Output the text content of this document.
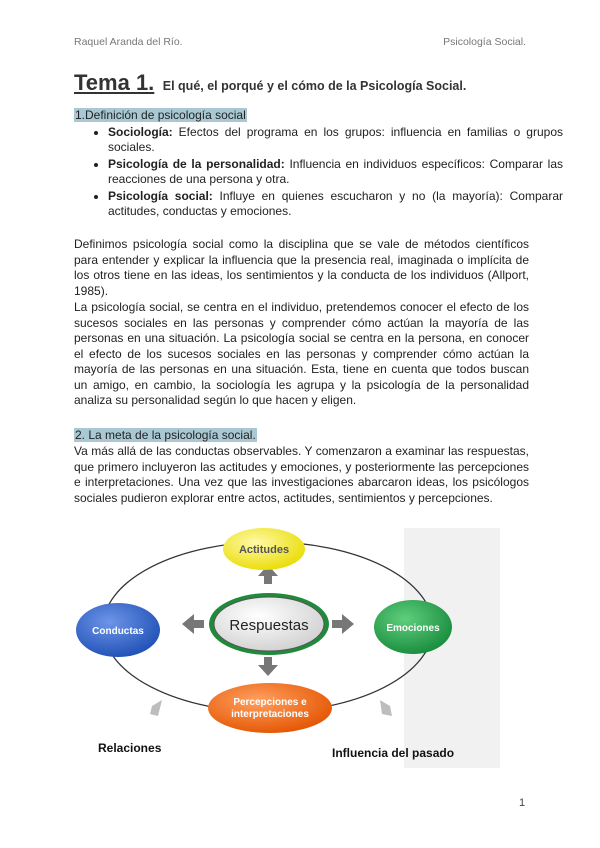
Raquel Aranda del Río.	Psicología Social.
Tema 1. El qué, el porqué y el cómo de la Psicología Social.
1.Definición de psicología social
• Sociología: Efectos del programa en los grupos: influencia en familias o grupos sociales.
• Psicología de la personalidad: Influencia en individuos específicos: Comparar las reacciones de una persona y otra.
• Psicología social: Influye en quienes escucharon y no (la mayoría): Comparar actitudes, conductas y emociones.

Definimos psicología social como la disciplina que se vale de métodos científicos para entender y explicar la influencia que la presencia real, imaginada o implícita de los otros tiene en las ideas, los sentimientos y la conducta de los individuos (Allport, 1985).

La psicología social, se centra en el individuo, pretendemos conocer el efecto de los sucesos sociales en las personas y comprender cómo actúan la mayoría de las personas en una situación. La psicología social se centra en la persona, en conocer el efecto de los sucesos sociales en las personas y comprender cómo actúan la mayoría de las personas en una situación. Esta, tiene en cuenta que todos buscan un amigo, en cambio, la sociología les agrupa y la psicología de la personalidad analiza su personalidad según lo que hacen y eligen.

2. La meta de la psicología social.

Va más allá de las conductas observables. Y comenzaron a examinar las respuestas, que primero incluyeron las actitudes y emociones, y posteriormente las percepciones e interpretaciones. Una vez que las investigaciones abarcaron ideas, los psicólogos sociales pudieron explorar entre actos, actitudes, sentimientos y percepciones.

Actitudes
Conductas	Emociones
Percepciones e
interpretaciones
Respuestas
Relaciones	Influencia del pasado
1
